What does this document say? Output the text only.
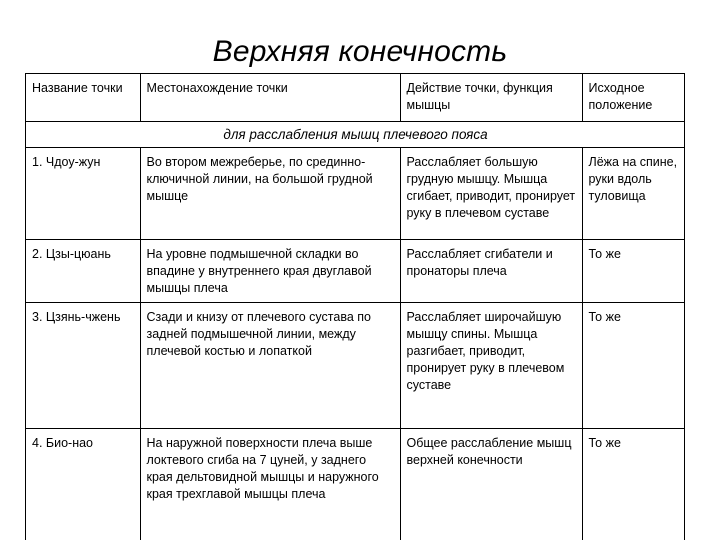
Верхняя конечность
Название точки	Местонахождение точки	Действие точки, функция мышцы	Исходное положение
для расслабления мышц плечевого пояса			
1. Чдоу-жун	Во втором межреберье, по срединно-ключичной линии, на большой грудной мышце	Расслабляет большую грудную мышцу. Мышца сгибает, приводит, пронирует руку в плечевом суставе	Лёжа на спине, руки вдоль туловища
2. Цзы-цюань	На уровне подмышечной складки во впадине у внутреннего края двуглавой мышцы плеча	Расслабляет сгибатели и пронаторы плеча	То же
3. Цзянь-чжень	Сзади и книзу от плечевого сустава по задней подмышечной линии, между плечевой костью и лопаткой	Расслабляет широчайшую мышцу спины. Мышца разгибает, приводит, пронирует руку в плечевом суставе	То же
4. Био-нао	На наружной поверхности плеча выше локтевого сгиба на 7 цуней, у заднего края дельтовидной мышцы и наружного края трехглавой мышцы плеча	Общее расслабление мышц верхней конечности	То же
